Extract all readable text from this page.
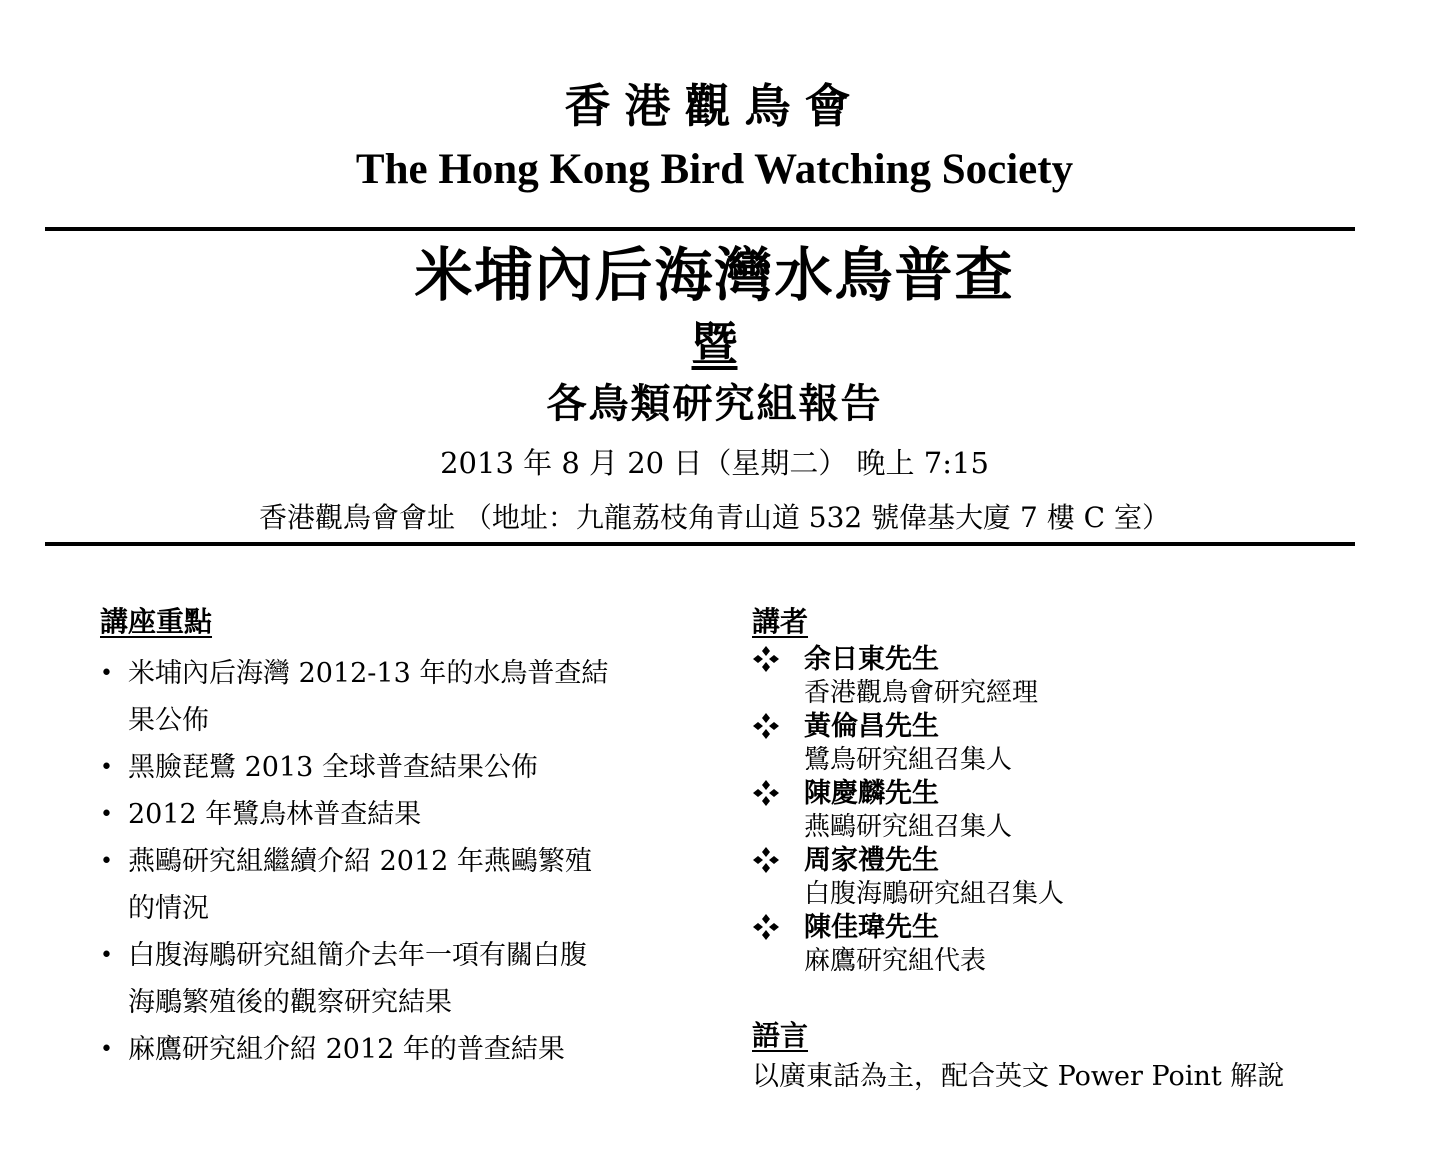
香港觀鳥會
The Hong Kong Bird Watching Society
米埔內后海灣水鳥普查
暨
各鳥類研究組報告
2013 年 8 月 20 日（星期二） 晚上 7:15
香港觀鳥會會址 （地址：九龍荔枝角青山道 532 號偉基大廈 7 樓 C 室）
講座重點
• 米埔內后海灣 2012-13 年的水鳥普查結
果公佈
• 黑臉琵鷺 2013 全球普查結果公佈
• 2012 年鷺鳥林普查結果
• 燕鷗研究組繼續介紹 2012 年燕鷗繁殖
的情況
• 白腹海鵰研究組簡介去年一項有關白腹
海鵰繁殖後的觀察研究結果
• 麻鷹研究組介紹 2012 年的普查結果
講者
余日東先生
香港觀鳥會研究經理
黃倫昌先生
鷺鳥研究組召集人
陳慶麟先生
燕鷗研究組召集人
周家禮先生
白腹海鵰研究組召集人
陳佳瑋先生
麻鷹研究組代表
語言
以廣東話為主，配合英文 Power Point 解說
